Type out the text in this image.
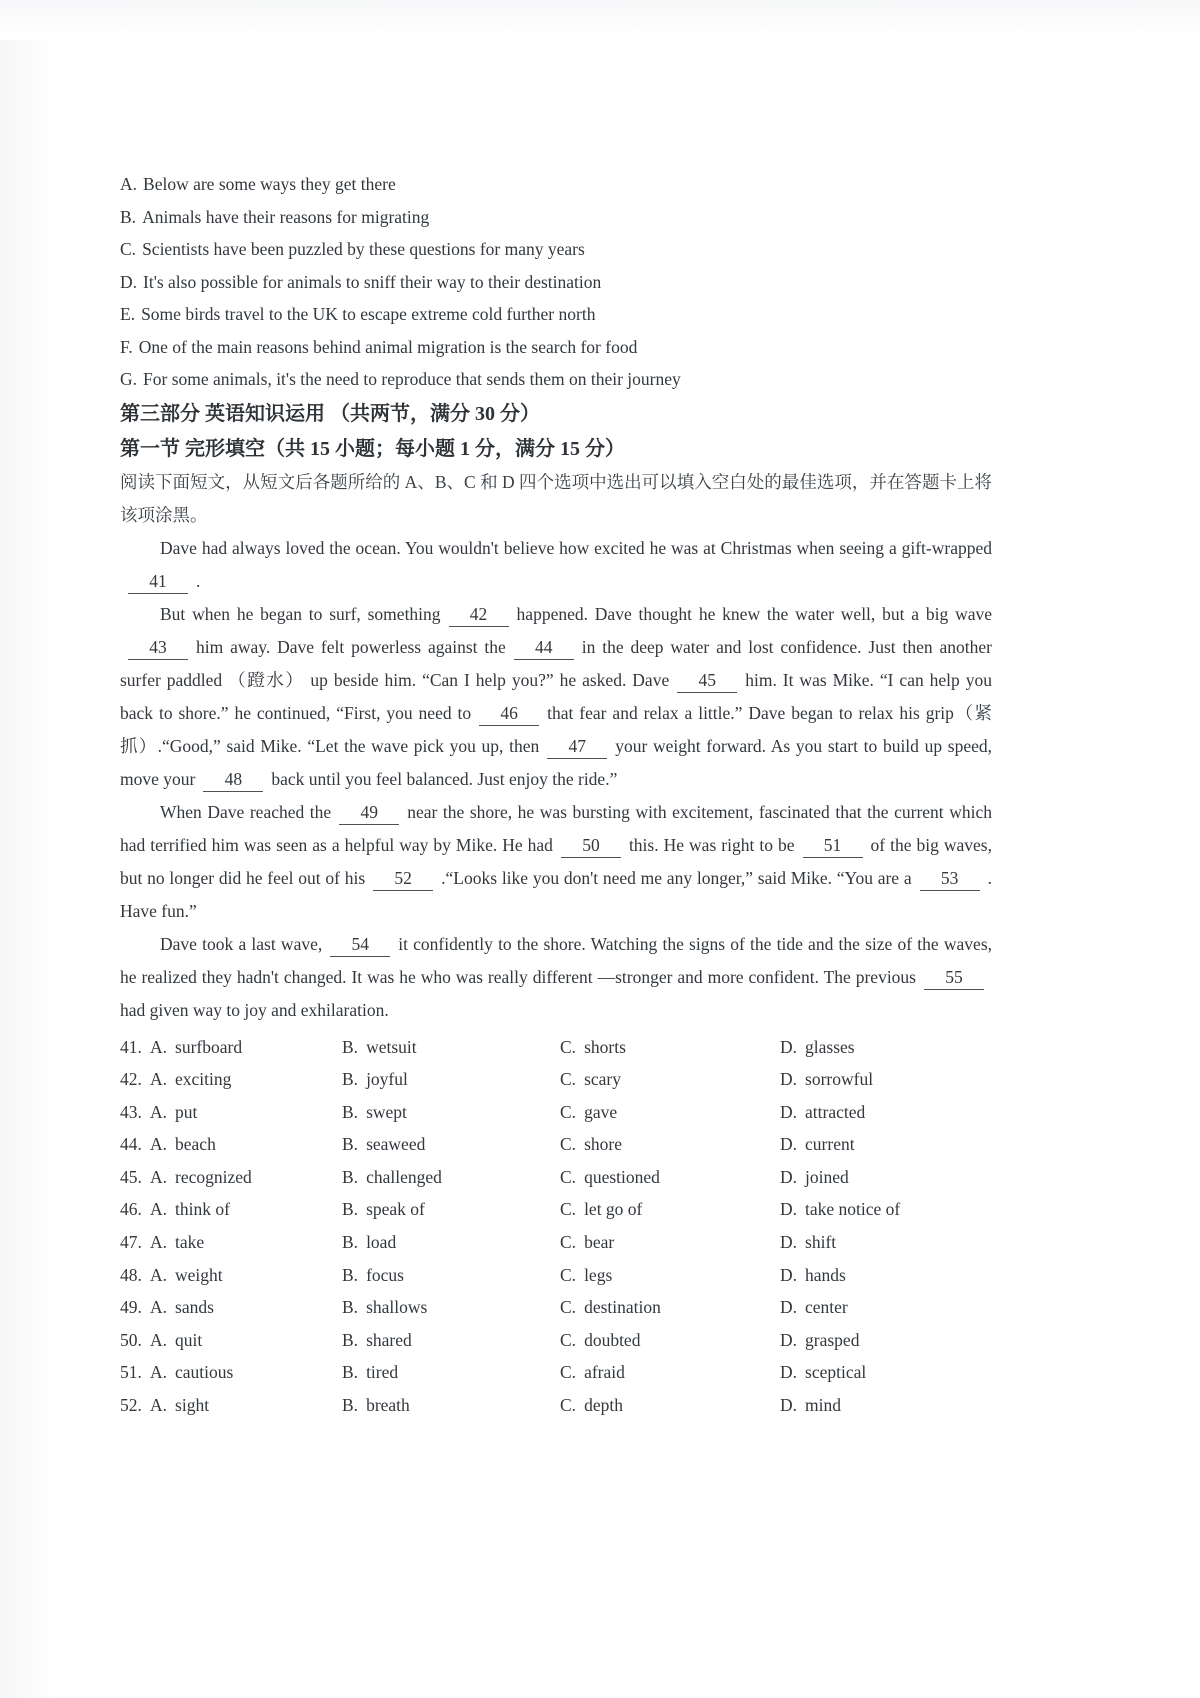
A. Below are some ways they get there
B. Animals have their reasons for migrating
C. Scientists have been puzzled by these questions for many years
D. It's also possible for animals to sniff their way to their destination
E. Some birds travel to the UK to escape extreme cold further north
F. One of the main reasons behind animal migration is the search for food
G. For some animals, it's the need to reproduce that sends them on their journey
第三部分 英语知识运用 （共两节，满分 30 分）
第一节 完形填空（共 15 小题；每小题 1 分，满分 15 分）
阅读下面短文，从短文后各题所给的 A、B、C 和 D 四个选项中选出可以填入空白处的最佳选项，并在答题卡上将该项涂黑。

Dave had always loved the ocean. You wouldn't believe how excited he was at Christmas when seeing a gift-wrapped41 .

But when he began to surf, something 42 happened. Dave thought he knew the water well, but a big wave43 him away. Dave felt powerless against the 44 in the deep water and lost confidence. Just then another surfer paddled （蹬水） up beside him. “Can I help you?” he asked. Dave 45 him. It was Mike. “I can help you back to shore.” he continued, “First, you need to 46 that fear and relax a little.” Dave began to relax his grip（紧抓）.“Good,” said Mike. “Let the wave pick you up, then 47 your weight forward. As you start to build up speed, move your 48 back until you feel balanced. Just enjoy the ride.”

When Dave reached the 49 near the shore, he was bursting with excitement, fascinated that the current which had terrified him was seen as a helpful way by Mike. He had 50 this. He was right to be 51 of the big waves, but no longer did he feel out of his 52 .“Looks like you don't need me any longer,” said Mike. “You are a 53 . Have fun.”

Dave took a last wave, 54 it confidently to the shore. Watching the signs of the tide and the size of the waves, he realized they hadn't changed. It was he who was really different —stronger and more confident. The previous 55had given way to joy and exhilaration.

41. A. surfboard	B. wetsuit	C. shorts	D. glasses
42. A. exciting	B. joyful	C. scary	D. sorrowful
43. A. put	B. swept	C. gave	D. attracted
44. A. beach	B. seaweed	C. shore	D. current
45. A. recognized	B. challenged	C. questioned	D. joined
46. A. think of	B. speak of	C. let go of	D. take notice of
47. A. take	B. load	C. bear	D. shift
48. A. weight	B. focus	C. legs	D. hands
49. A. sands	B. shallows	C. destination	D. center
50. A. quit	B. shared	C. doubted	D. grasped
51. A. cautious	B. tired	C. afraid	D. sceptical
52. A. sight	B. breath	C. depth	D. mind
